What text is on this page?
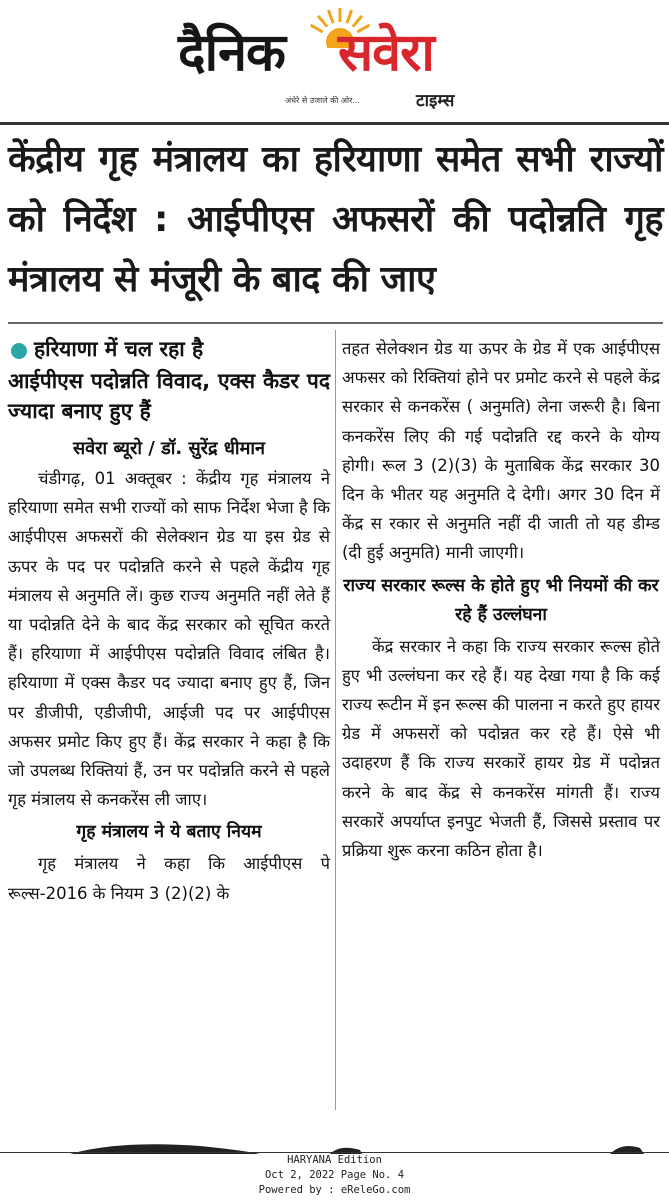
दैनिक सवेरा
अंधेरे से उजाले की ओर...	टाइम्स
केंद्रीय गृह मंत्रालय का हरियाणा समेत सभी राज्यों को निर्देश : आईपीएस अफसरों की पदोन्नति गृह मंत्रालय से मंजूरी के बाद की जाए

हरियाणा में चल रहा है

आईपीएस पदोन्नति विवाद, एक्स कैडर पद ज्यादा बनाए हुए हैं

सवेरा ब्यूरो / डॉ. सुरेंद्र धीमान

चंडीगढ़, 01 अक्तूबर : केंद्रीय गृह मंत्रालय ने हरियाणा समेत सभी राज्यों को साफ निर्देश भेजा है कि आईपीएस अफसरों की सेलेक्शन ग्रेड या इस ग्रेड से ऊपर के पद पर पदोन्नति करने से पहले केंद्रीय गृह मंत्रालय से अनुमति लें। कुछ राज्य अनुमति नहीं लेते हैं या पदोन्नति देने के बाद केंद्र सरकार को सूचित करते हैं। हरियाणा में आईपीएस पदोन्नति विवाद लंबित है। हरियाणा में एक्स कैडर पद ज्यादा बनाए हुए हैं, जिन पर डीजीपी, एडीजीपी, आईजी पद पर आईपीएस अफसर प्रमोट किए हुए हैं। केंद्र सरकार ने कहा है कि जो उपलब्ध रिक्तियां हैं, उन पर पदोन्नति करने से पहले गृह मंत्रालय से कनकरेंस ली जाए।

गृह मंत्रालय ने ये बताए नियम

गृह मंत्रालय ने कहा कि आईपीएस पे रूल्स-2016 के नियम 3 (2)(2) के

तहत सेलेक्शन ग्रेड या ऊपर के ग्रेड में एक आईपीएस अफसर को रिक्तियां होने पर प्रमोट करने से पहले केंद्र सरकार से कनकरेंस ( अनुमति) लेना जरूरी है। बिना कनकरेंस लिए की गई पदोन्नति रद्द करने के योग्य होगी। रूल 3 (2)(3) के मुताबिक केंद्र सरकार 30 दिन के भीतर यह अनुमति दे देगी। अगर 30 दिन में केंद्र स रकार से अनुमति नहीं दी जाती तो यह डीम्ड (दी हुई अनुमति) मानी जाएगी।

राज्य सरकार रूल्स के होते हुए भी नियमों की कर रहे हैं उल्लंघना

केंद्र सरकार ने कहा कि राज्य सरकार रूल्स होते हुए भी उल्लंघना कर रहे हैं। यह देखा गया है कि कई राज्य रूटीन में इन रूल्स की पालना न करते हुए हायर ग्रेड में अफसरों को पदोन्नत कर रहे हैं। ऐसे भी उदाहरण हैं कि राज्य सरकारें हायर ग्रेड में पदोन्नत करने के बाद केंद्र से कनकरेंस मांगती हैं। राज्य सरकारें अपर्याप्त इनपुट भेजती हैं, जिससे प्रस्ताव पर प्रक्रिया शुरू करना कठिन होता है।

HARYANA Edition
Oct 2, 2022 Page No. 4
Powered by : eReleGo.com
